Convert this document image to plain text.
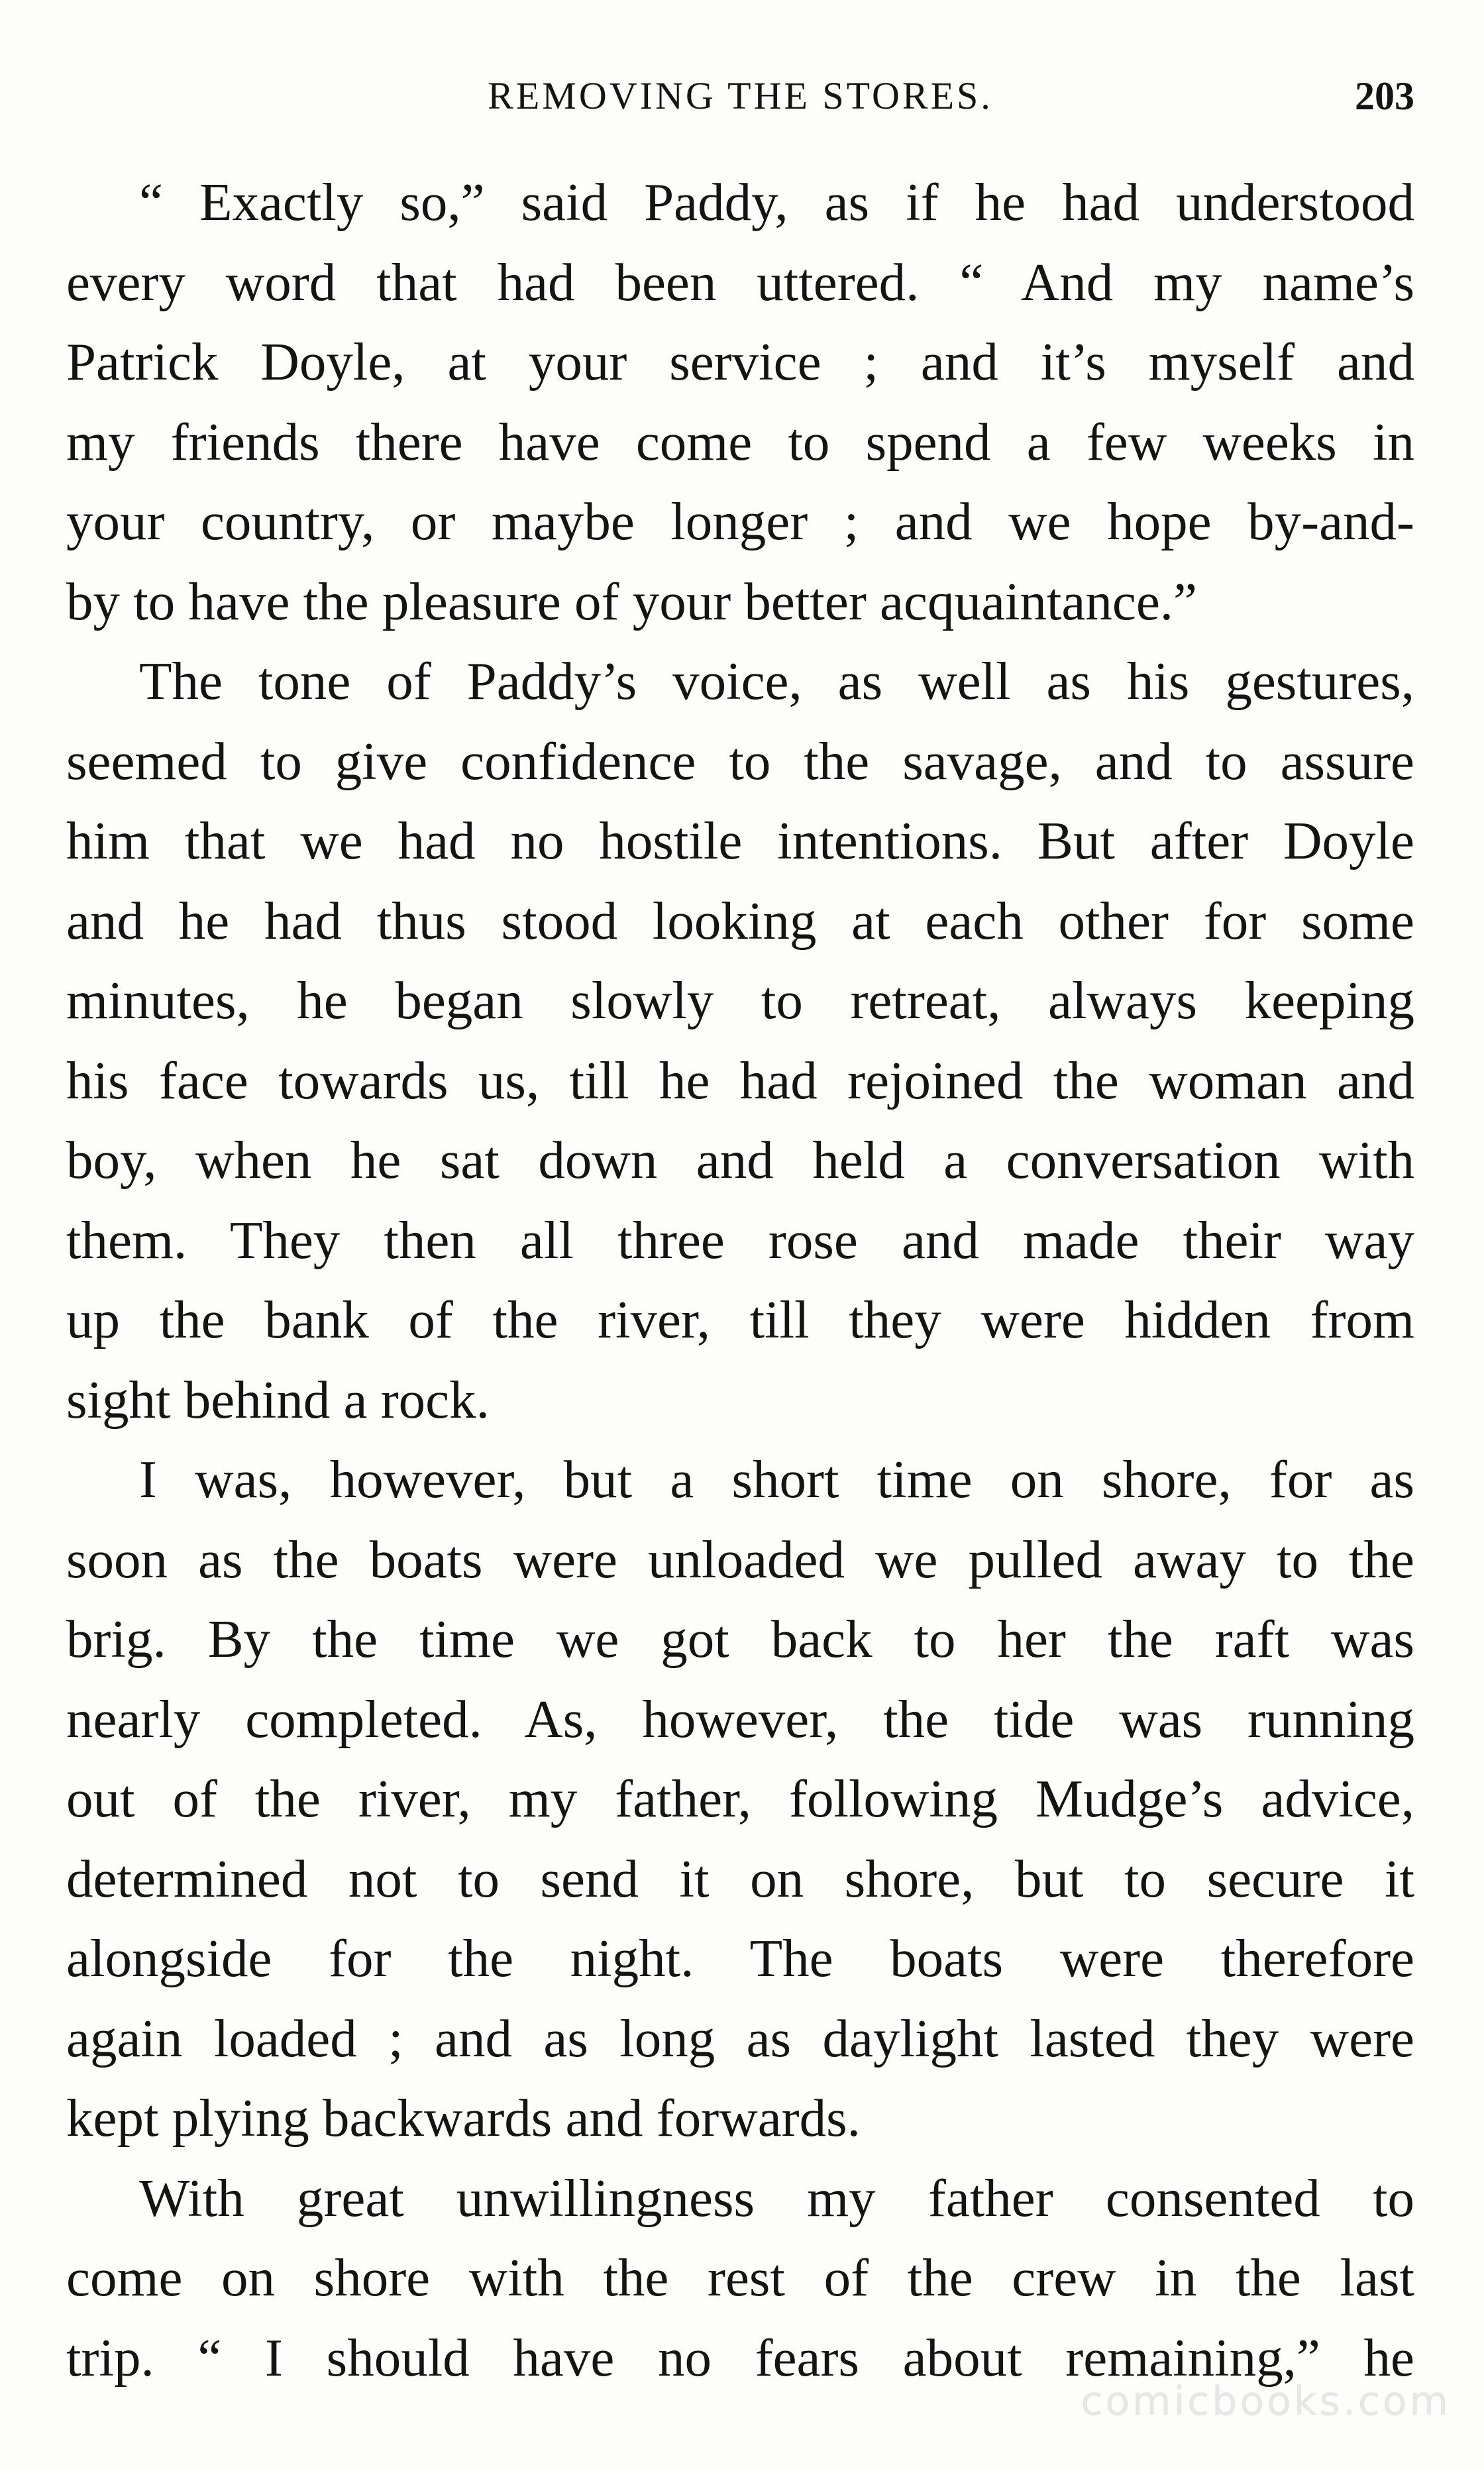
REMOVING THE STORES.	203
“ Exactly so,” said Paddy, as if he had understood
every word that had been uttered. “ And my name’s
Patrick Doyle, at your service ; and it’s myself and
my friends there have come to spend a few weeks in
your country, or maybe longer ; and we hope by-and-
by to have the pleasure of your better acquaintance.”
The tone of Paddy’s voice, as well as his gestures,
seemed to give confidence to the savage, and to assure
him that we had no hostile intentions. But after Doyle
and he had thus stood looking at each other for some
minutes, he began slowly to retreat, always keeping
his face towards us, till he had rejoined the woman and
boy, when he sat down and held a conversation with
them. They then all three rose and made their way
up the bank of the river, till they were hidden from
sight behind a rock.
I was, however, but a short time on shore, for as
soon as the boats were unloaded we pulled away to the
brig. By the time we got back to her the raft was
nearly completed. As, however, the tide was running
out of the river, my father, following Mudge’s advice,
determined not to send it on shore, but to secure it
alongside for the night. The boats were therefore
again loaded ; and as long as daylight lasted they were
kept plying backwards and forwards.
With great unwillingness my father consented to
come on shore with the rest of the crew in the last
trip. “ I should have no fears about remaining,” he
comicbooks.com
